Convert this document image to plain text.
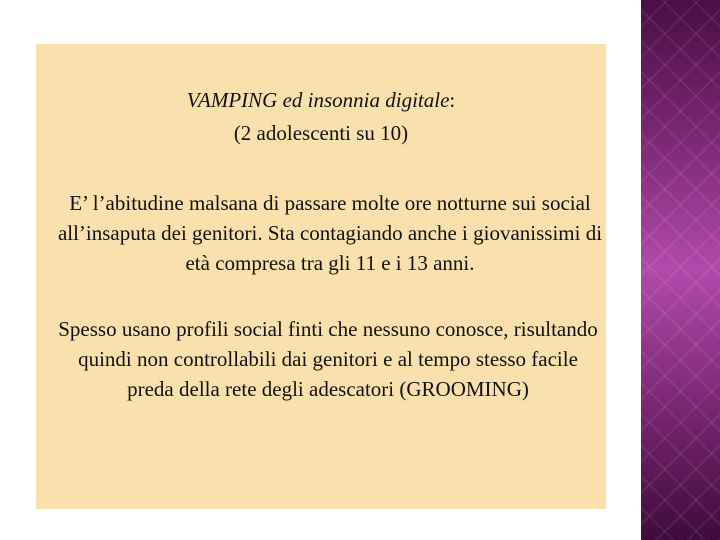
VAMPING ed insonnia digitale:
(2 adolescenti su 10)

E’ l’abitudine malsana di passare molte ore notturne sui social all’insaputa dei genitori. Sta contagiando anche i giovanissimi di età compresa tra gli 11 e i 13 anni.

Spesso usano profili social finti che nessuno conosce, risultando quindi non controllabili dai genitori e al tempo stesso facile preda della rete degli adescatori (GROOMING)
